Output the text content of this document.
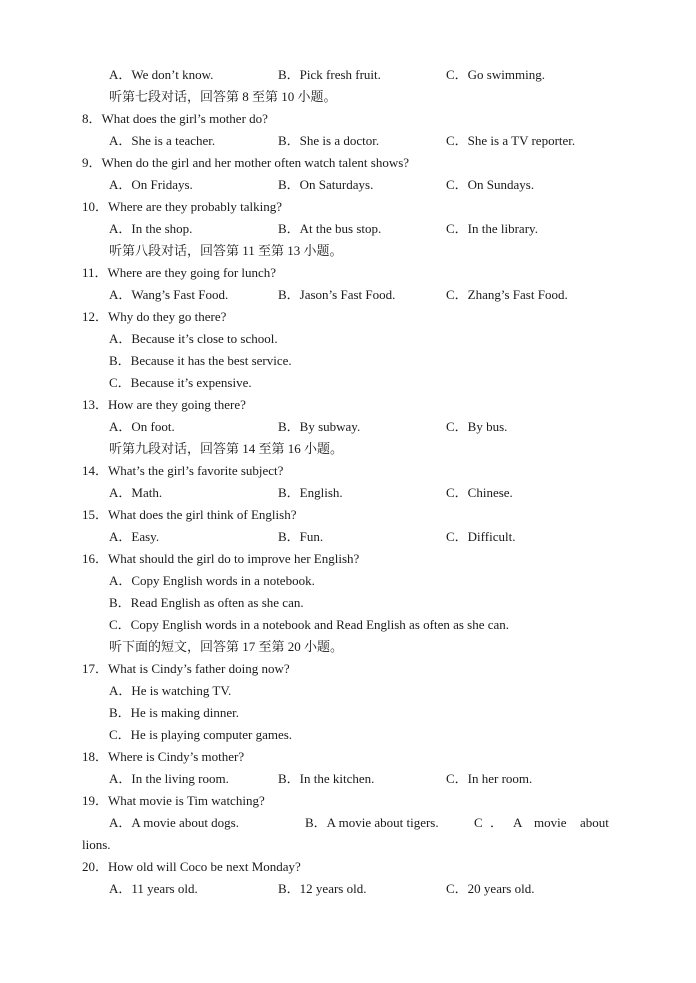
A．We don’t know.	B．Pick fresh fruit.	C．Go swimming.
听第七段对话，回答第 8 至第 10 小题。
8．What does the girl’s mother do?
A．She is a teacher.	B．She is a doctor.	C．She is a TV reporter.
9．When do the girl and her mother often watch talent shows?
A．On Fridays.	B．On Saturdays.	C．On Sundays.
10．Where are they probably talking?
A．In the shop.	B．At the bus stop.	C．In the library.
听第八段对话，回答第 11 至第 13 小题。
11．Where are they going for lunch?
A．Wang’s Fast Food.	B．Jason’s Fast Food.	C．Zhang’s Fast Food.
12．Why do they go there?
A．Because it’s close to school.
B．Because it has the best service.
C．Because it’s expensive.
13．How are they going there?
A．On foot.	B．By subway.	C．By bus.
听第九段对话，回答第 14 至第 16 小题。
14．What’s the girl’s favorite subject?
A．Math.	B．English.	C．Chinese.
15．What does the girl think of English?
A．Easy.	B．Fun.	C．Difficult.
16．What should the girl do to improve her English?
A．Copy English words in a notebook.
B．Read English as often as she can.
C．Copy English words in a notebook and Read English as often as she can.
听下面的短文，回答第 17 至第 20 小题。
17．What is Cindy’s father doing now?
A．He is watching TV.
B．He is making dinner.
C．He is playing computer games.
18．Where is Cindy’s mother?
A．In the living room.	B．In the kitchen.	C．In her room.
19．What movie is Tim watching?
A．A movie about dogs.	B．A movie about tigers.	C ． A movie about
lions.
20．How old will Coco be next Monday?
A．11 years old.	B．12 years old.	C．20 years old.
